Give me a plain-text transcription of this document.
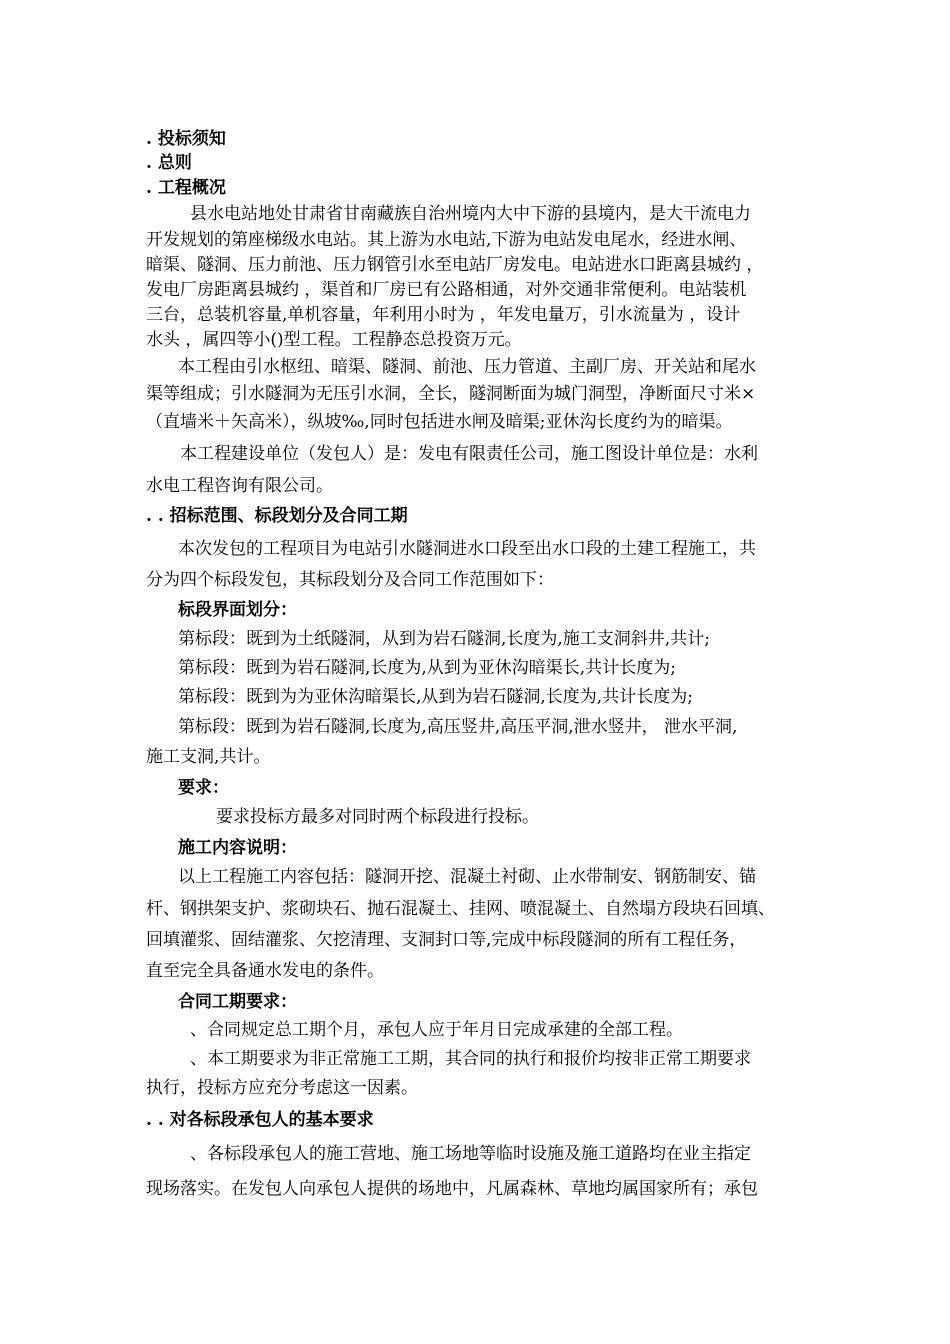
. 投标须知
. 总则
. 工程概况
县水电站地处甘肃省甘南藏族自治州境内大中下游的县境内，是大干流电力
开发规划的第座梯级水电站。其上游为水电站,下游为电站发电尾水，经进水闸、
暗渠、隧洞、压力前池、压力钢管引水至电站厂房发电。电站进水口距离县城约 ，
发电厂房距离县城约 ，渠首和厂房已有公路相通，对外交通非常便利。电站装机
三台，总装机容量,单机容量，年利用小时为 ，年发电量万，引水流量为 ，设计
水头 ，属四等小()型工程。工程静态总投资万元。
本工程由引水枢纽、暗渠、隧洞、前池、压力管道、主副厂房、开关站和尾水
渠等组成；引水隧洞为无压引水洞，全长，隧洞断面为城门洞型，净断面尺寸米×
（直墙米＋矢高米），纵坡‰,同时包括进水闸及暗渠;亚休沟长度约为的暗渠。
本工程建设单位（发包人）是：发电有限责任公司，施工图设计单位是：水利
水电工程咨询有限公司。
. . 招标范围、标段划分及合同工期
本次发包的工程项目为电站引水隧洞进水口段至出水口段的土建工程施工，共
分为四个标段发包，其标段划分及合同工作范围如下：
标段界面划分：
第标段：既到为土纸隧洞，从到为岩石隧洞,长度为,施工支洞斜井,共计;
第标段：既到为岩石隧洞,长度为,从到为亚休沟暗渠长,共计长度为;
第标段：既到为为亚休沟暗渠长,从到为岩石隧洞,长度为,共计长度为;
第标段：既到为岩石隧洞,长度为,高压竖井,高压平洞,泄水竖井， 泄水平洞,
施工支洞,共计。
要求：
要求投标方最多对同时两个标段进行投标。
施工内容说明：
以上工程施工内容包括：隧洞开挖、混凝土衬砌、止水带制安、钢筋制安、锚
杆、钢拱架支护、浆砌块石、抛石混凝土、挂网、喷混凝土、自然塌方段块石回填、
回填灌浆、固结灌浆、欠挖清理、支洞封口等,完成中标段隧洞的所有工程任务，
直至完全具备通水发电的条件。
合同工期要求：
、合同规定总工期个月，承包人应于年月日完成承建的全部工程。
、本工期要求为非正常施工工期，其合同的执行和报价均按非正常工期要求
执行，投标方应充分考虑这一因素。
. . 对各标段承包人的基本要求
、各标段承包人的施工营地、施工场地等临时设施及施工道路均在业主指定
现场落实。在发包人向承包人提供的场地中，凡属森林、草地均属国家所有；承包
